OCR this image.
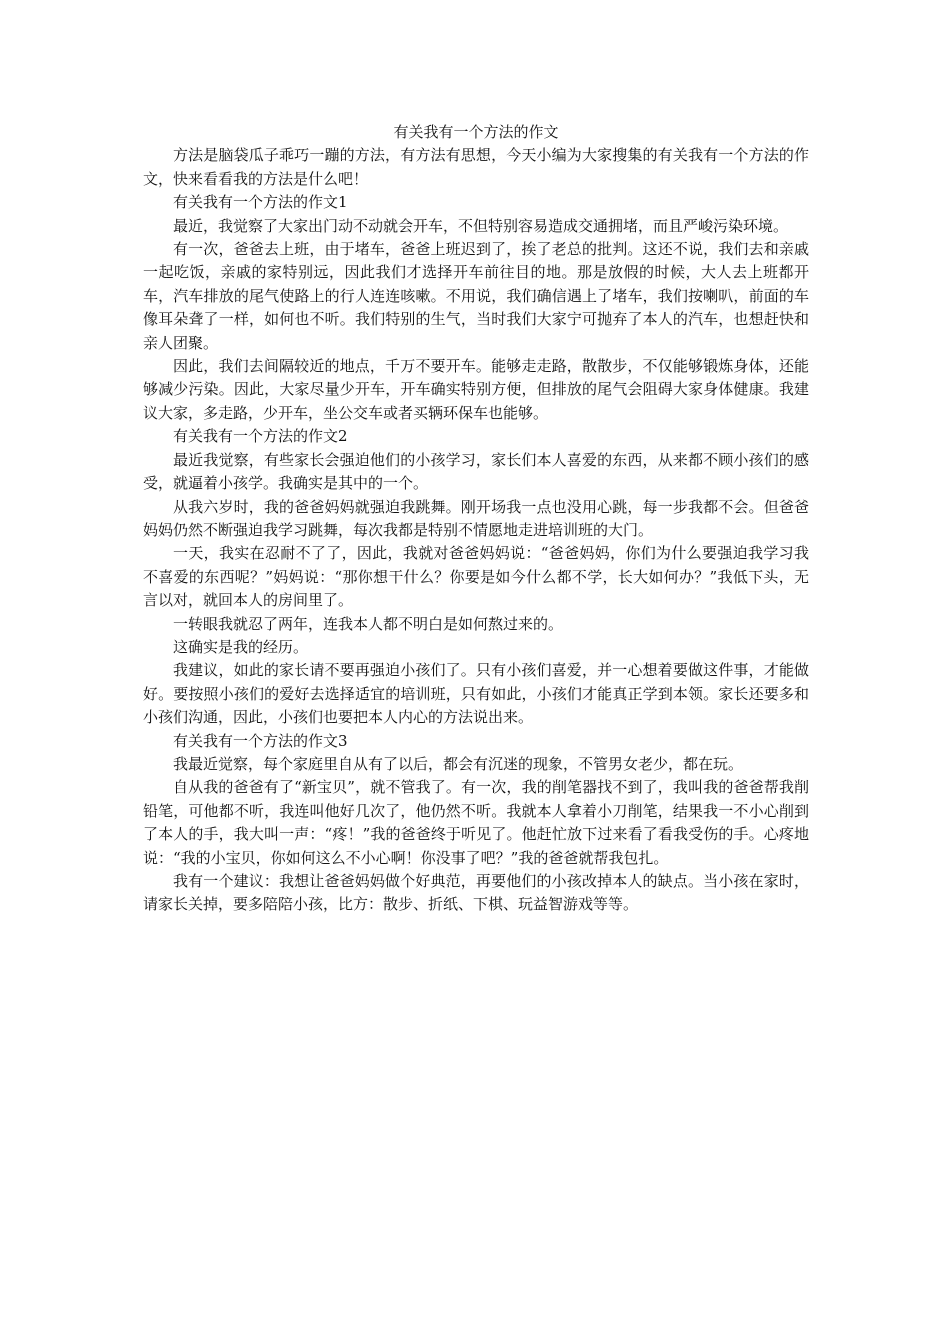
有关我有一个方法的作文

方法是脑袋瓜子乖巧一蹦的方法，有方法有思想，今天小编为大家搜集的有关我有一个方法的作文，快来看看我的方法是什么吧！

有关我有一个方法的作文1

最近，我觉察了大家出门动不动就会开车，不但特别容易造成交通拥堵，而且严峻污染环境。

有一次，爸爸去上班，由于堵车，爸爸上班迟到了，挨了老总的批判。这还不说，我们去和亲戚一起吃饭，亲戚的家特别远，因此我们才选择开车前往目的地。那是放假的时候，大人去上班都开车，汽车排放的尾气使路上的行人连连咳嗽。不用说，我们确信遇上了堵车，我们按喇叭，前面的车像耳朵聋了一样，如何也不听。我们特别的生气，当时我们大家宁可抛弃了本人的汽车，也想赶快和亲人团聚。

因此，我们去间隔较近的地点，千万不要开车。能够走走路，散散步，不仅能够锻炼身体，还能够减少污染。因此，大家尽量少开车，开车确实特别方便，但排放的尾气会阻碍大家身体健康。我建议大家，多走路，少开车，坐公交车或者买辆环保车也能够。

有关我有一个方法的作文2

最近我觉察，有些家长会强迫他们的小孩学习，家长们本人喜爱的东西，从来都不顾小孩们的感受，就逼着小孩学。我确实是其中的一个。

从我六岁时，我的爸爸妈妈就强迫我跳舞。刚开场我一点也没用心跳，每一步我都不会。但爸爸妈妈仍然不断强迫我学习跳舞，每次我都是特别不情愿地走进培训班的大门。

一天，我实在忍耐不了了，因此，我就对爸爸妈妈说：“爸爸妈妈，你们为什么要强迫我学习我不喜爱的东西呢？”妈妈说：“那你想干什么？你要是如今什么都不学，长大如何办？”我低下头，无言以对，就回本人的房间里了。

一转眼我就忍了两年，连我本人都不明白是如何熬过来的。

这确实是我的经历。

我建议，如此的家长请不要再强迫小孩们了。只有小孩们喜爱，并一心想着要做这件事，才能做好。要按照小孩们的爱好去选择适宜的培训班，只有如此，小孩们才能真正学到本领。家长还要多和小孩们沟通，因此，小孩们也要把本人内心的方法说出来。

有关我有一个方法的作文3

我最近觉察，每个家庭里自从有了以后，都会有沉迷的现象，不管男女老少，都在玩。

自从我的爸爸有了“新宝贝”，就不管我了。有一次，我的削笔器找不到了，我叫我的爸爸帮我削铅笔，可他都不听，我连叫他好几次了，他仍然不听。我就本人拿着小刀削笔，结果我一不小心削到了本人的手，我大叫一声：“疼！”我的爸爸终于听见了。他赶忙放下过来看了看我受伤的手。心疼地说：“我的小宝贝，你如何这么不小心啊！你没事了吧？”我的爸爸就帮我包扎。

我有一个建议：我想让爸爸妈妈做个好典范，再要他们的小孩改掉本人的缺点。当小孩在家时，请家长关掉，要多陪陪小孩，比方：散步、折纸、下棋、玩益智游戏等等。
